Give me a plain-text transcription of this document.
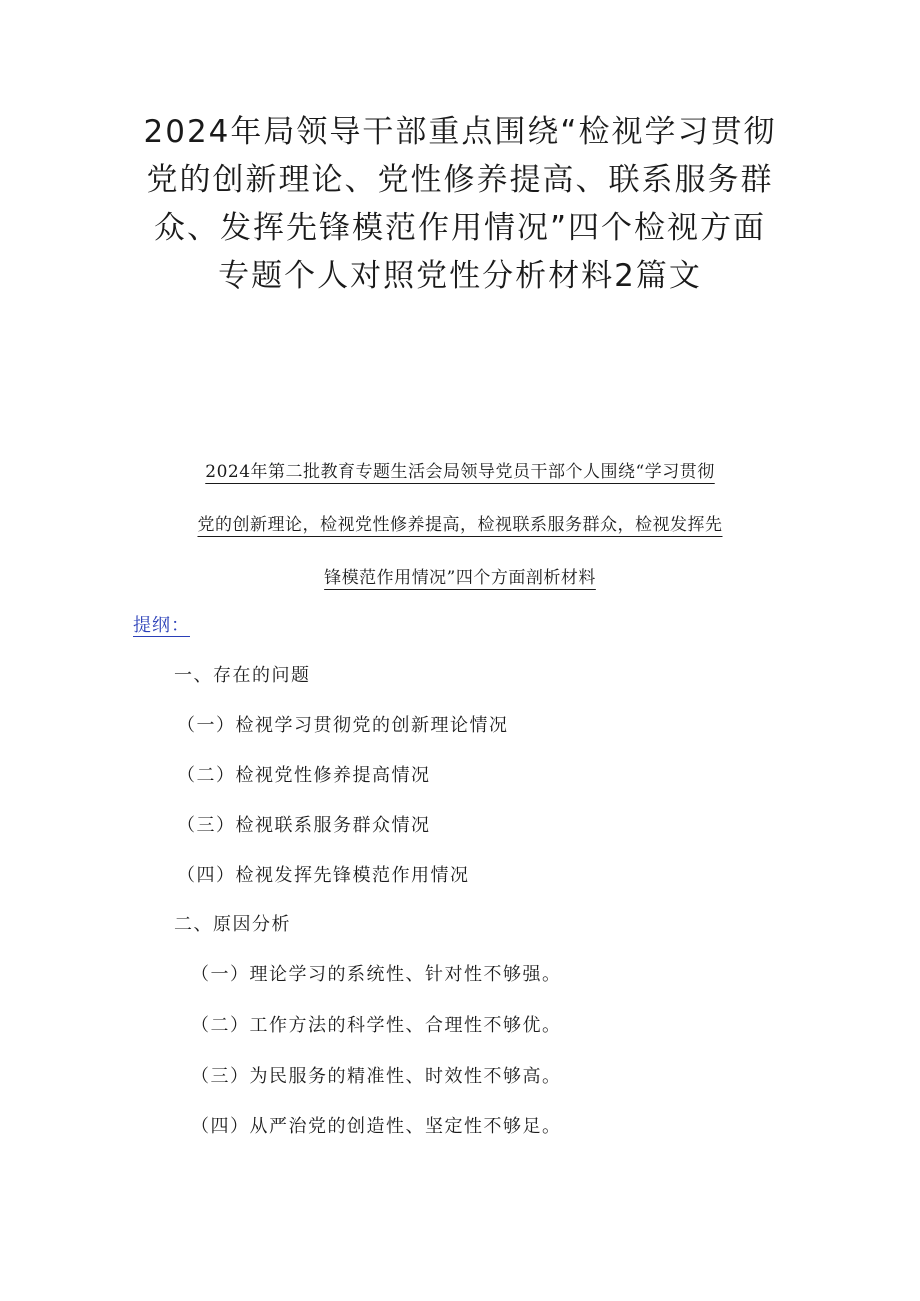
2024年局领导干部重点围绕“检视学习贯彻
党的创新理论、党性修养提高、联系服务群
众、发挥先锋模范作用情况”四个检视方面
专题个人对照党性分析材料2篇文
2024年第二批教育专题生活会局领导党员干部个人围绕“学习贯彻
党的创新理论，检视党性修养提高，检视联系服务群众，检视发挥先
锋模范作用情况”四个方面剖析材料
提纲：
一、存在的问题
（一）检视学习贯彻党的创新理论情况
（二）检视党性修养提高情况
（三）检视联系服务群众情况
（四）检视发挥先锋模范作用情况
二、原因分析
（一）理论学习的系统性、针对性不够强。
（二）工作方法的科学性、合理性不够优。
（三）为民服务的精准性、时效性不够高。
（四）从严治党的创造性、坚定性不够足。
